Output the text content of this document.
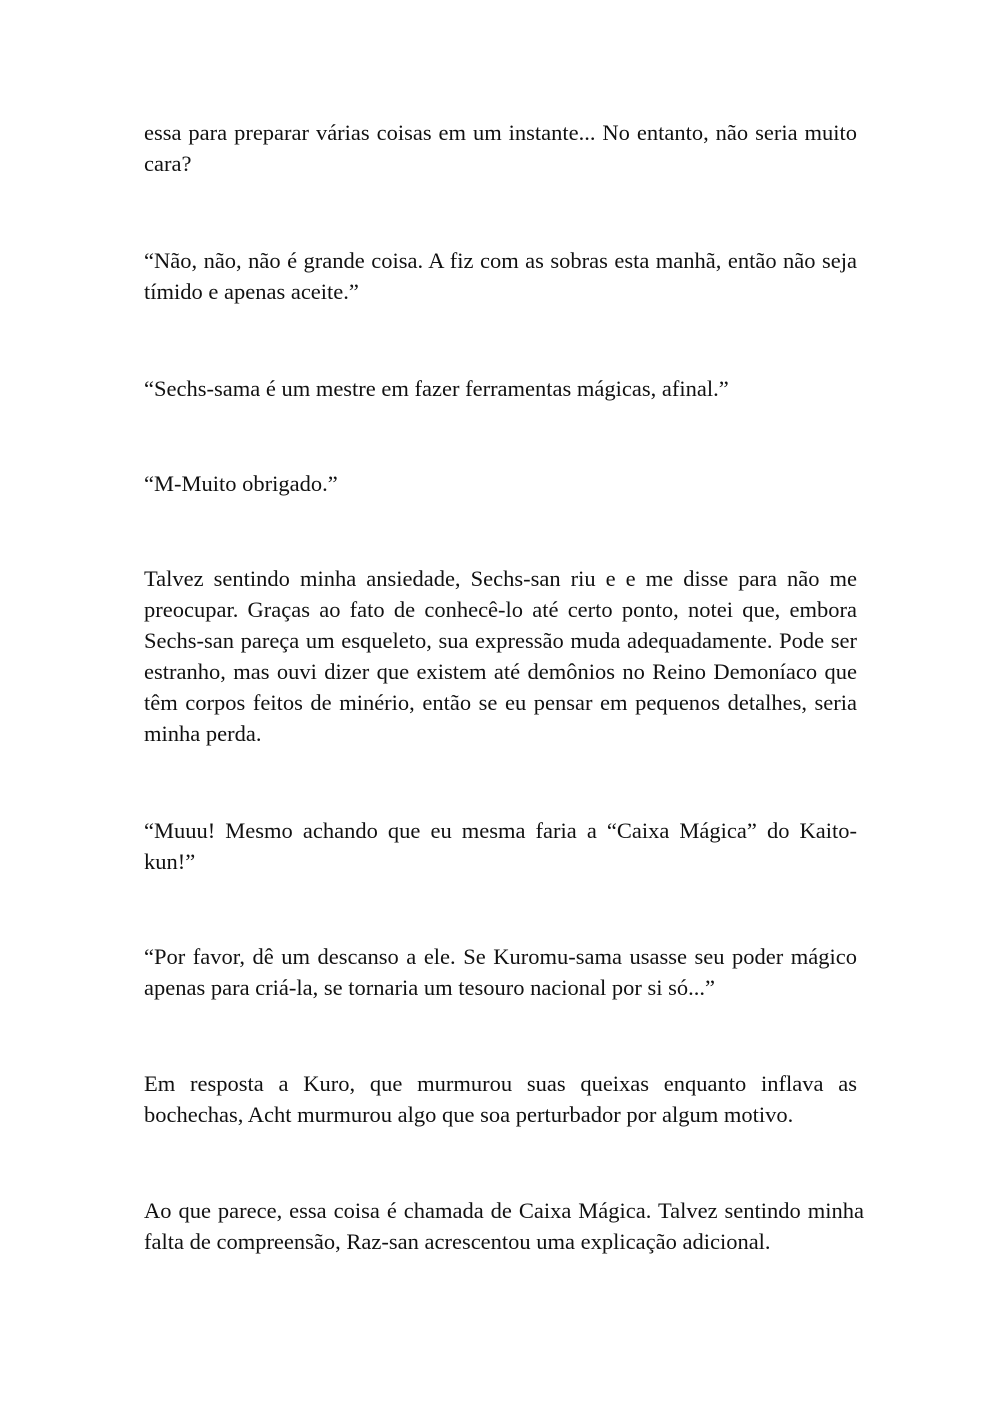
essa para preparar várias coisas em um instante... No entanto, não seria muito cara?

“Não, não, não é grande coisa. A fiz com as sobras esta manhã, então não seja tímido e apenas aceite.”

“Sechs-sama é um mestre em fazer ferramentas mágicas, afinal.”

“M-Muito obrigado.”

Talvez sentindo minha ansiedade, Sechs-san riu e e me disse para não me preocupar. Graças ao fato de conhecê-lo até certo ponto, notei que, embora Sechs-san pareça um esqueleto, sua expressão muda adequadamente. Pode ser estranho, mas ouvi dizer que existem até demônios no Reino Demoníaco que têm corpos feitos de minério, então se eu pensar em pequenos detalhes, seria minha perda.

“Muuu! Mesmo achando que eu mesma faria a “Caixa Mágica” do Kaito-kun!”

“Por favor, dê um descanso a ele. Se Kuromu-sama usasse seu poder mágico apenas para criá-la, se tornaria um tesouro nacional por si só...”

Em resposta a Kuro, que murmurou suas queixas enquanto inflava as bochechas, Acht murmurou algo que soa perturbador por algum motivo.

Ao que parece, essa coisa é chamada de Caixa Mágica. Talvez sentindo minha falta de compreensão, Raz-san acrescentou uma explicação adicional.
